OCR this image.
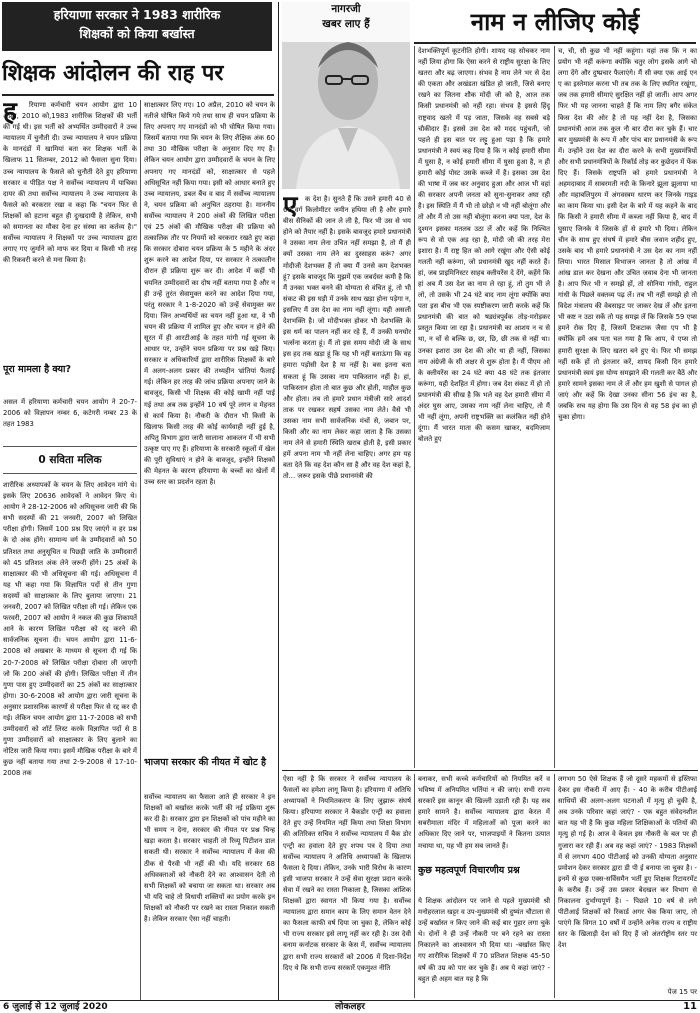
हरियाणा सरकार ने 1983 शारीरिक
शिक्षकों को किया बर्खास्त
शिक्षक आंदोलन की राह पर
ह	रियाणा कर्मचारी चयन आयोग द्वारा 10 अप्रैल, 2010 को,1983 शारीरिक शिक्षकों की भर्ती की गई थी। इस भर्ती को अभ्यर्थित उम्मीदवारों ने उच्च न्यायालय में चुनौती दी। उच्च न्यायालय ने चयन प्रक्रिया के मानदंडों में खामियां बता कर शिक्षक भर्ती के खिलाफ 11 सितम्बर, 2012 को फैसला सुना दिया। उच्च न्यायालय के फैसले को चुनौती देते हुए हरियाणा सरकार व पीड़ित पक्ष ने सर्वोच्च न्यायालय में याचिका दायर की तथा सर्वोच्च न्यायालय ने उच्च न्यायालय के फैसले को बरकरार रखा व कहा कि "चयन फिर से शिक्षकों को हटाना बहुत ही दुःखदायी है लेकिन, सभी को समानता का मौका देना हर संस्था का कर्तव्य है।" सर्वोच्च न्यायालय ने शिक्षकों पर उच्च न्यायालय द्वारा लगाए गए जुर्माने को माफ कर दिया व किसी भी तरह की रिकवरी करने से मना किया है।
पूरा मामला है क्या?
असल में हरियाणा कर्मचारी चयन आयोग ने 20-7-2006 को विज्ञापन नम्बर 6, कटेगरी नम्बर 23 के तहत 1983
0 सविता मलिक
शारीरिक अध्यापकों के चयन के लिए आवेदन मांगे थे। इसके लिए 20636 आवेदकों ने आवेदन किए थे। आयोग ने 28-12-2006 को अधिसूचना जारी की कि सभी सदस्यों की 21 जनवरी, 2007 को लिखित परीक्षा होगी। जिसमें 100 प्रश्न दिए जाएंगे व हर प्रश्न के दो अंक होंगे। सामान्य वर्ग के उम्मीदवारों को 50 प्रतिशत तथा अनुसूचित व पिछड़ी जाति के उम्मीदवारों को 45 प्रतिशत अंक लेने जरूरी होंगे। 25 अंकों के साक्षात्कार की भी अधिसूचना की गई। अधिसूचना में यह भी कहा गया कि विज्ञापित पदों से तीन गुणा सदस्यों को साक्षात्कार के लिए बुलाया जाएगा। 21 जनवरी, 2007 को लिखित परीक्षा ली गई। लेकिन एक फरवरी, 2007 को आयोग ने नकल की कुछ शिकायतें आने के कारण लिखित परीक्षा को रद्द करने की सार्वजनिक सूचना दी। चयन आयोग द्वारा 11-6-2008 को अखबार के माध्यम से सूचना दी गई कि 20-7-2008 को लिखित परीक्षा दोबारा ली जाएगी जो कि 200 अंकों की होगी। लिखित परीक्षा में तीन गुणा पास हुए उम्मीदवारों का 25 अंकों का साक्षात्कार होगा। 30-6-2008 को आयोग द्वारा जारी सूचना के अनुसार प्रशासनिक कारणों से परीक्षा फिर से रद्द कर दी गई। लेकिन चयन आयोग द्वारा 11-7-2008 को सभी उम्मीदवारों को शॉर्ट लिस्ट करके विज्ञापित पदों से 8 गुणा उम्मीदवारों को साक्षात्कार के लिए बुलाने का नोटिस जारी किया गया। इसमें मौखिक परीक्षा के बारे में कुछ नहीं बताया गया तथा 2-9-2008 से 17-10-2008 तक
साक्षात्कार लिए गए। 10 अप्रैल, 2010 को चयन के नतीजे घोषित किये गये तथा साथ ही चयन प्रक्रिया के लिए अपनाए गए मानदंडों को भी घोषित किया गया। जिसमें बताया गया कि चयन के लिए शैक्षिक अंक 60 तथा 30 मौखिक परीक्षा के अनुसार दिए गए हैं। लेकिन चयन आयोग द्वारा उम्मीदवारों के चयन के लिए अपनाए गए मानदंडों को, साक्षात्कार से पहले अधिसूचित नहीं किया गया। इसी को आधार बनाते हुए उच्च न्यायालय, डबल बैंच व बाद में सर्वोच्च न्यायालय ने, चयन प्रक्रिया को अनुचित ठहराया है। माननीय सर्वोच्च न्यायालय ने 200 अंकों की लिखित परीक्षा एवं 25 अंकों की मौखिक परीक्षा की प्रक्रिया को तत्कालिक तौर पर नियमों को बरकरार रखते हुए कहा कि सरकार दोबारा चयन प्रक्रिया के 5 महीने के अंदर शुरू करने का आदेश दिया, पर सरकार ने तत्कालीन दौरान ही प्रक्रिया शुरू कर दी। आदेश में कहीं भी चयनित उम्मीदवारों का दोष नहीं बताया गया है और न ही उन्हें तुरंत सेवामुक्त करने का आदेश दिया गया, परंतु सरकार ने 1-8-2020 को उन्हें सेवामुक्त कर दिया। जिन अभ्यर्थियों का चयन नहीं हुआ था, वे भी चयन की प्रक्रिया में शामिल हुए और चयन न होने की सूरत में ही आरटीआई के तहत मांगी गई सूचना के आधार पर, उन्होंने चयन प्रक्रिया पर प्रश्न खड़े किए। सरकार व अधिकारियों द्वारा शारीरिक शिक्षकों के बारे में अलग-अलग प्रकार की तथ्यहीन भ्रांतियां फैलाई गई। लेकिन हर तरह की जांच प्रक्रिया अपनाए जाने के बावजूद, किसी भी शिक्षक की कोई खामी नहीं पाई गई तथा अब तक इन्होंने 10 वर्ष पूरे लगन व मेहनत से कार्य किया है। नौकरी के दौरान भी किसी के खिलाफ किसी तरह की कोई कार्यवाही नहीं हुई है, अपितु विभाग द्वारा जारी सालाना आकलन में भी सभी उत्कृष्ट पाए गए हैं। हरियाणा के सरकारी स्कूलों में खेल की पूरी सुविधाएं न होने के बावजूद, इन्होंने शिक्षकों की मेहनत के कारण हरियाणा के बच्चों का खेलों में उच्च स्तर का प्रदर्शन रहता है।
भाजपा सरकार की नीयत में खोट है
सर्वोच्च न्यायालय का फैसला आते ही सरकार ने इन शिक्षकों को बर्खास्त करके भर्ती की नई प्रक्रिया शुरू कर दी है। सरकार द्वारा इन शिक्षकों को पांच महीने का भी समय न देना, सरकार की नीयत पर प्रश्न चिन्ह खड़ा करता है। सरकार चाहती तो रिव्यू पिटीशन डाल सकती थी। सरकार ने सर्वोच्च न्यायालय में केस की ठीक से पैरवी भी नहीं की थी। यदि सरकार 68 अधिवक्ताओं को नौकरी देने का आश्वासन देती तो सभी शिक्षकों को बचाया जा सकता था। सरकार अब भी यदि चाहे तो विधायी शक्तियों का प्रयोग करके इन शिक्षकों को नौकरी पर रखने का रास्ता निकाल सकती है। लेकिन सरकार ऐसा नहीं चाहती।
नागरजी
खबर लाए हैं	नाम न लीजिए कोई
ए	क देश है। सुनते हैं कि उसने हमारी 40 से 60 वर्ग किलोमीटर जमीन हथिया ली है और हमारे बीस सैनिकों की जान ले ली है, फिर भी उस से भय होने को तैयार नहीं है। इसके बावजूद हमारे प्रधानमंत्री ने उसका नाम लेना उचित नहीं समझा है, तो मैं ही क्यों उसका नाम लेने का दुस्साहस करूं? अगर मोदीजी देशभक्त हैं तो क्या मैं उनसे कम देशभक्त हूं? इसके बावजूद कि मुझमें एक जबर्दस्त कमी है कि मैं उनका भक्त बनने की योग्यता से वंचित हूं, तो भी संकट की इस घड़ी में उनके साथ खड़ा होना पड़ेगा न, इसलिए मैं उस देश का नाम नहीं लूंगा। यही असली देशभक्ति है। जो मोदीभक्त होकर भी देशभक्ति के इस धर्म का पालन नहीं कर रहे हैं, मैं उनकी घनघोर भर्त्सना करता हूं। मैं तो इस समय मोदी जी के साथ इस हद तक खड़ा हूं कि यह भी नहीं बताऊंगा कि वह हमारा पड़ोसी देश है या नहीं है। बस इतना बता सकता हूं कि उसका नाम पाकिस्तान नहीं है। हां, पाकिस्तान होता तो बात कुछ और होती, माहौल कुछ और होता। तब तो हमारे प्रधान मंत्रीजी सारे आदर्श ताक पर रखकर सहर्ष उसका नाम लेते। वैसे भी उसका नाम सभी सार्वजनिक मंचों से, जबान पर, किसी और का नाम लेकर कहा जाता है कि उसका नाम लेने से हमारी स्थिति खराब होती है, इसी प्रकार हमें अपना नाम भी नहीं लेना चाहिए। अगर हम यह बता देते कि वह देश कौन सा है और वह देश कहां है, तो... जरूर इसके पीछे प्रधानमंत्री की
देशभक्तिपूर्ण कूटनीति होगी। शायद यह सोचकर नाम नहीं लिया होगा कि ऐसा करने से राष्ट्रीय सुरक्षा के लिए खतरा और बढ़ जाएगा। संभव है नाम लेने भर से देश की एकता और अखंडता खंडित हो जाती, जिसे बनाए रखने का जितना शौक मोदी जी को है, आज तक किसी प्रधानमंत्री को नहीं रहा। संभव है इससे हिंदू राष्ट्रवाद खतरे में पड़ जाता, जिसके वह सबसे बड़े चौकीदार हैं। इससे उस देश को मदद पहुंचती, जो पहले ही इस बात पर लट्टू हुआ पड़ा है कि हमारे प्रधानमंत्री ने स्वयं कह दिया है कि न कोई हमारी सीमा में घुसा है, न कोई हमारी सीमा में घुसा हुआ है, न ही हमारी कोई पोस्ट उसके कब्जे में है। इसका उस देश की भाषा में जब कर अनुवाद हुआ और आज भी वहां की सरकार अपनी जनता को सुना-सुनाकर अघा रही है। इस स्थिति में मैं भी तो छोड़ो न भी नहीं बोलूंगा और तो और मैं तो उस नहीं बोलूंगा करना क्या पता, देश के दुश्मन इसका मतलब उठा लें और कहें कि निश्चित रूप से वो एक अड़ रहा है, मोदी जी की तरह मेरा इशारा है। मैं राष्ट्र हित को आगे रखूंगा और ऐसी कोई गलती नहीं करूंगा, जो प्रधानमंत्री खुद नहीं करते हैं। हां, जब प्राइमिनिस्टर साहब क्लीयरेंस दे देंगे, कहेंगे कि हां अब मैं उस देश का नाम ले रहा हूं, तो तुम भी ले लो, तो उसके भी 24 घंटे बाद नाम लूंगा क्योंकि क्या पता इस बीच भी एक स्पष्टीकरण जारी करके कहें कि प्रधानमंत्री की बात को षड्यंत्रपूर्वक तोड़-मरोड़कर प्रस्तुत किया जा रहा है। प्रधानमंत्री का आशय न च से था, न चों से बल्कि छ, छा, छि, छी तक से नहीं था। उनका इशारा उस देश की ओर था ही नहीं, जिसका नाम अंग्रेजी के सी अक्षर से शुरू होता है। मैं पीएम ओ के क्लीयरेंस का 24 घंटे क्या 48 घंटे तक इंतजार करूंगा, यही देशहित में होगा। जब देश संकट में हो तो प्रधानमंत्री की सीख है कि भले वह देश हमारी सीमा में अंदर घुस आए, उसका नाम नहीं लेना चाहिए, तो मैं भी नहीं लूंगा, अपनी राष्ट्रभक्ति का कलंकित नहीं होने दूंगा। मैं भारत माता की कसम खाकर, बदमिजाम बोलते हुए
च, ची, सी कुछ भी नहीं कहूंगा। यहां तक कि न का प्रयोग भी नहीं करूंगा क्योंकि चतुर लोग इसके आगे चो लगा देंगे और दुष्प्रचार फैलाएंगे। मैं सी क्या एक आई एन ए का इस्तेमाल करना भी तब तक के लिए स्थगित रखूंगा, जब तक हमारी सीमाएं सुरक्षित नहीं हो जातीं। आप अगर फिर भी यह जानना चाहते हैं कि नाम लिए बगैर संकेत किस देश की ओर है तो यह नहीं देश है, जिसका प्रधानमंत्री आज तक कुल नौ बार दौरा कर चुके हैं। चार बार मुख्यमंत्री के रूप में और पांच बार प्रधानमंत्री के रूप में। उन्होंने उस देश का दौरा करने के सभी मुख्यमंत्रियों और सभी प्रधानमंत्रियों के रिकॉर्ड तोड़ कर कुछेदन में फेंक दिए हैं। जिसके राष्ट्रपति को हमारे प्रधानमंत्री ने अहमदाबाद में साबरमती नदी के किनारे झूला झुलाया था और महाबलिपुरम में अंगवस्त्रम धारण कर जिनके गाइड का काम किया था। इसी देश के बारे में यह कहने के बाद कि किसी ने हमारी सीमा में कब्जा नहीं किया है, बाद में घुसाए जिनके ये जिसके हों से हमारे भी दिया। लेकिन चीन के साथ हुए संघर्ष में हमारे बीस जवान शहीद हुए, उसके बाद भी हमारे प्रधानमंत्री ने उस देश का नाम नहीं लिया। भारत मिसाल विभाजन जानता है तो आंख में आंख डाल कर देखना और उचित जवाब देना भी जानता है। आप फिर भी न समझे हों, तो सोनिया गांधी, राहुल गांधी के पिछले वक्तव्य पढ़ लें। तब भी नहीं समझे हो तो विदेश मंत्रालय की वेबसाइट पर जाकर देख लें और इतना भी कष्ट न उठा सकें तो यह समझ लें कि जिसके 59 एप्स हमने रोक दिए हैं, जिसमें टिकटाक जैसा एप भी है क्योंकि हमें अब पता चल गया है कि आप, ये एप्स तो हमारी सुरक्षा के लिए खतरा बने हुए थे। फिर भी समझ नहीं सकें हों तो इंतजार करें, शायद किसी दिन हमारे प्रधानमंत्री स्वयं इस योग्य समझाने की गलती कर बैठें और हमारे सामने इसका नाम ले लें और हम खुशी से पागल हो जाएं और कहें कि देखा उनका सीना 56 इंच का है, जबकि सच यह होगा कि उस दिन से वह 58 इंच का हो चुका होगा।
ऐसा नहीं है कि सरकार ने सर्वोच्च न्यायालय के फैसलों का हमेशा लागू किया है। हरियाणा में अतिथि अध्यापकों ने नियमितकरण के लिए जुझारू संघर्ष किया। हरियाणा सरकार ने बैकडोर एन्ट्री का हवाला देते हुए उन्हें नियमित नहीं किया तथा शिक्षा विभाग की अतिरिक्त सचिव ने सर्वोच्च न्यायालय में बैक डोर एन्ट्री का हवाला देते हुए शपथ पत्र दे दिया तथा सर्वोच्च न्यायालय ने अतिथि अध्यापकों के खिलाफ फैसला दे दिया। लेकिन, उनके भारी विरोध के कारण इसी भाजपा सरकार ने उन्हें सेवा सुरक्षा प्रदान करके सेवा में रखने का रास्ता निकाला है, जिसका आंशिक शिक्षकों द्वारा स्वागत भी किया गया है। सर्वोच्च न्यायालय द्वारा समान काम के लिए समान वेतन देने का फैसला काफी वर्ष दिया जा चुका है, लेकिन कोई भी राज्य सरकार इसे लागू नहीं कर रही है। उस देवी बनाम कर्नाटक सरकार के केस में, सर्वोच्च न्यायालय द्वारा सभी राज्य सरकारों को 2006 में दिशा-निर्देश दिए थे कि सभी राज्य सरकारें एकमुश्त नीति
बनाकर, सभी कच्चे कर्मचारियों को नियमित करें व भविष्य में अनियमित भर्तियां न की जाएं। सभी राज्य सरकारें इस कानून की खिल्ली उड़ाती रही हैं। यह सब हमारे सामने है। सर्वोच्च न्यायालय द्वारा केरल में सबरीमाला मंदिर में महिलाओं को पूजा करने का अधिकार दिए जाने पर, भाजपाइयों ने कितना उत्पात मचाया था, यह भी हम सब जानते हैं।
कुछ महत्वपूर्ण विचारणीय प्रश्न
ये शिक्षक आंदोलन पर जाने से पहले मुख्यमंत्री श्री मनोहरलाल खट्टर व उप-मुख्यमंत्री श्री दुष्यंत चौटाला से उन्हें बर्खास्त न किए जाने की कई बार गुहार लगा चुके थे। दोनों ने ही उन्हें नौकरी पर बने रहने का रास्ता निकालने का आश्वासन भी दिया था। -बर्खास्त किए गए शारीरिक शिक्षकों में 70 प्रतिशत शिक्षक 45-50 वर्ष की उम्र को पार कर चुके हैं। अब ये कहां जाएं? - बहुत ही अहम बात यह है कि
लगभग 50 ऐसे शिक्षक हैं जो दूसरे महकमों से इस्तिफा देकर इस नौकरी में आए हैं। - 40 के करीब पीटीआई साथियों की अलग-अलग घटनाओं में मृत्यु हो चुकी है, अब उनके परिवार कहां जाएं? - एक बहुत संवेदनशील बात यह भी है कि कुछ महिला शिक्षिकाओं के पतियों की मृत्यु हो गई है। आज वे केवल इस नौकरी के बल पर ही गुजारा कर रही हैं। अब वह कहां जाएं? - 1983 शिक्षकों में से लगभग 400 पीटीआई को उनकी योग्यता अनुसार प्रमोशन देकर सरकार द्वारा डी पी ई बनाया जा चुका है। - इनमें से कुछ एक्स-सर्विसमैन भर्ती हुए शिक्षक रिटायरमेंट के करीब हैं। उन्हें उस प्रकार बेदखल कर विभाग से निकालना दुर्भाग्यपूर्ण है। - पिछले 10 वर्ष से लगे पीटीआई शिक्षकों को रिकार्ड अगर चेक किया जाए, तो पाएंगे कि विगत 10 वर्षों में उन्होंने अनेक राज्य व राष्ट्रीय स्तर के खिलाड़ी देश को दिए हैं जो अंतर्राष्ट्रीय स्तर पर देश
पेज 15 पर
6 जुलाई से 12 जुलाई 2020	लोकलहर	11
